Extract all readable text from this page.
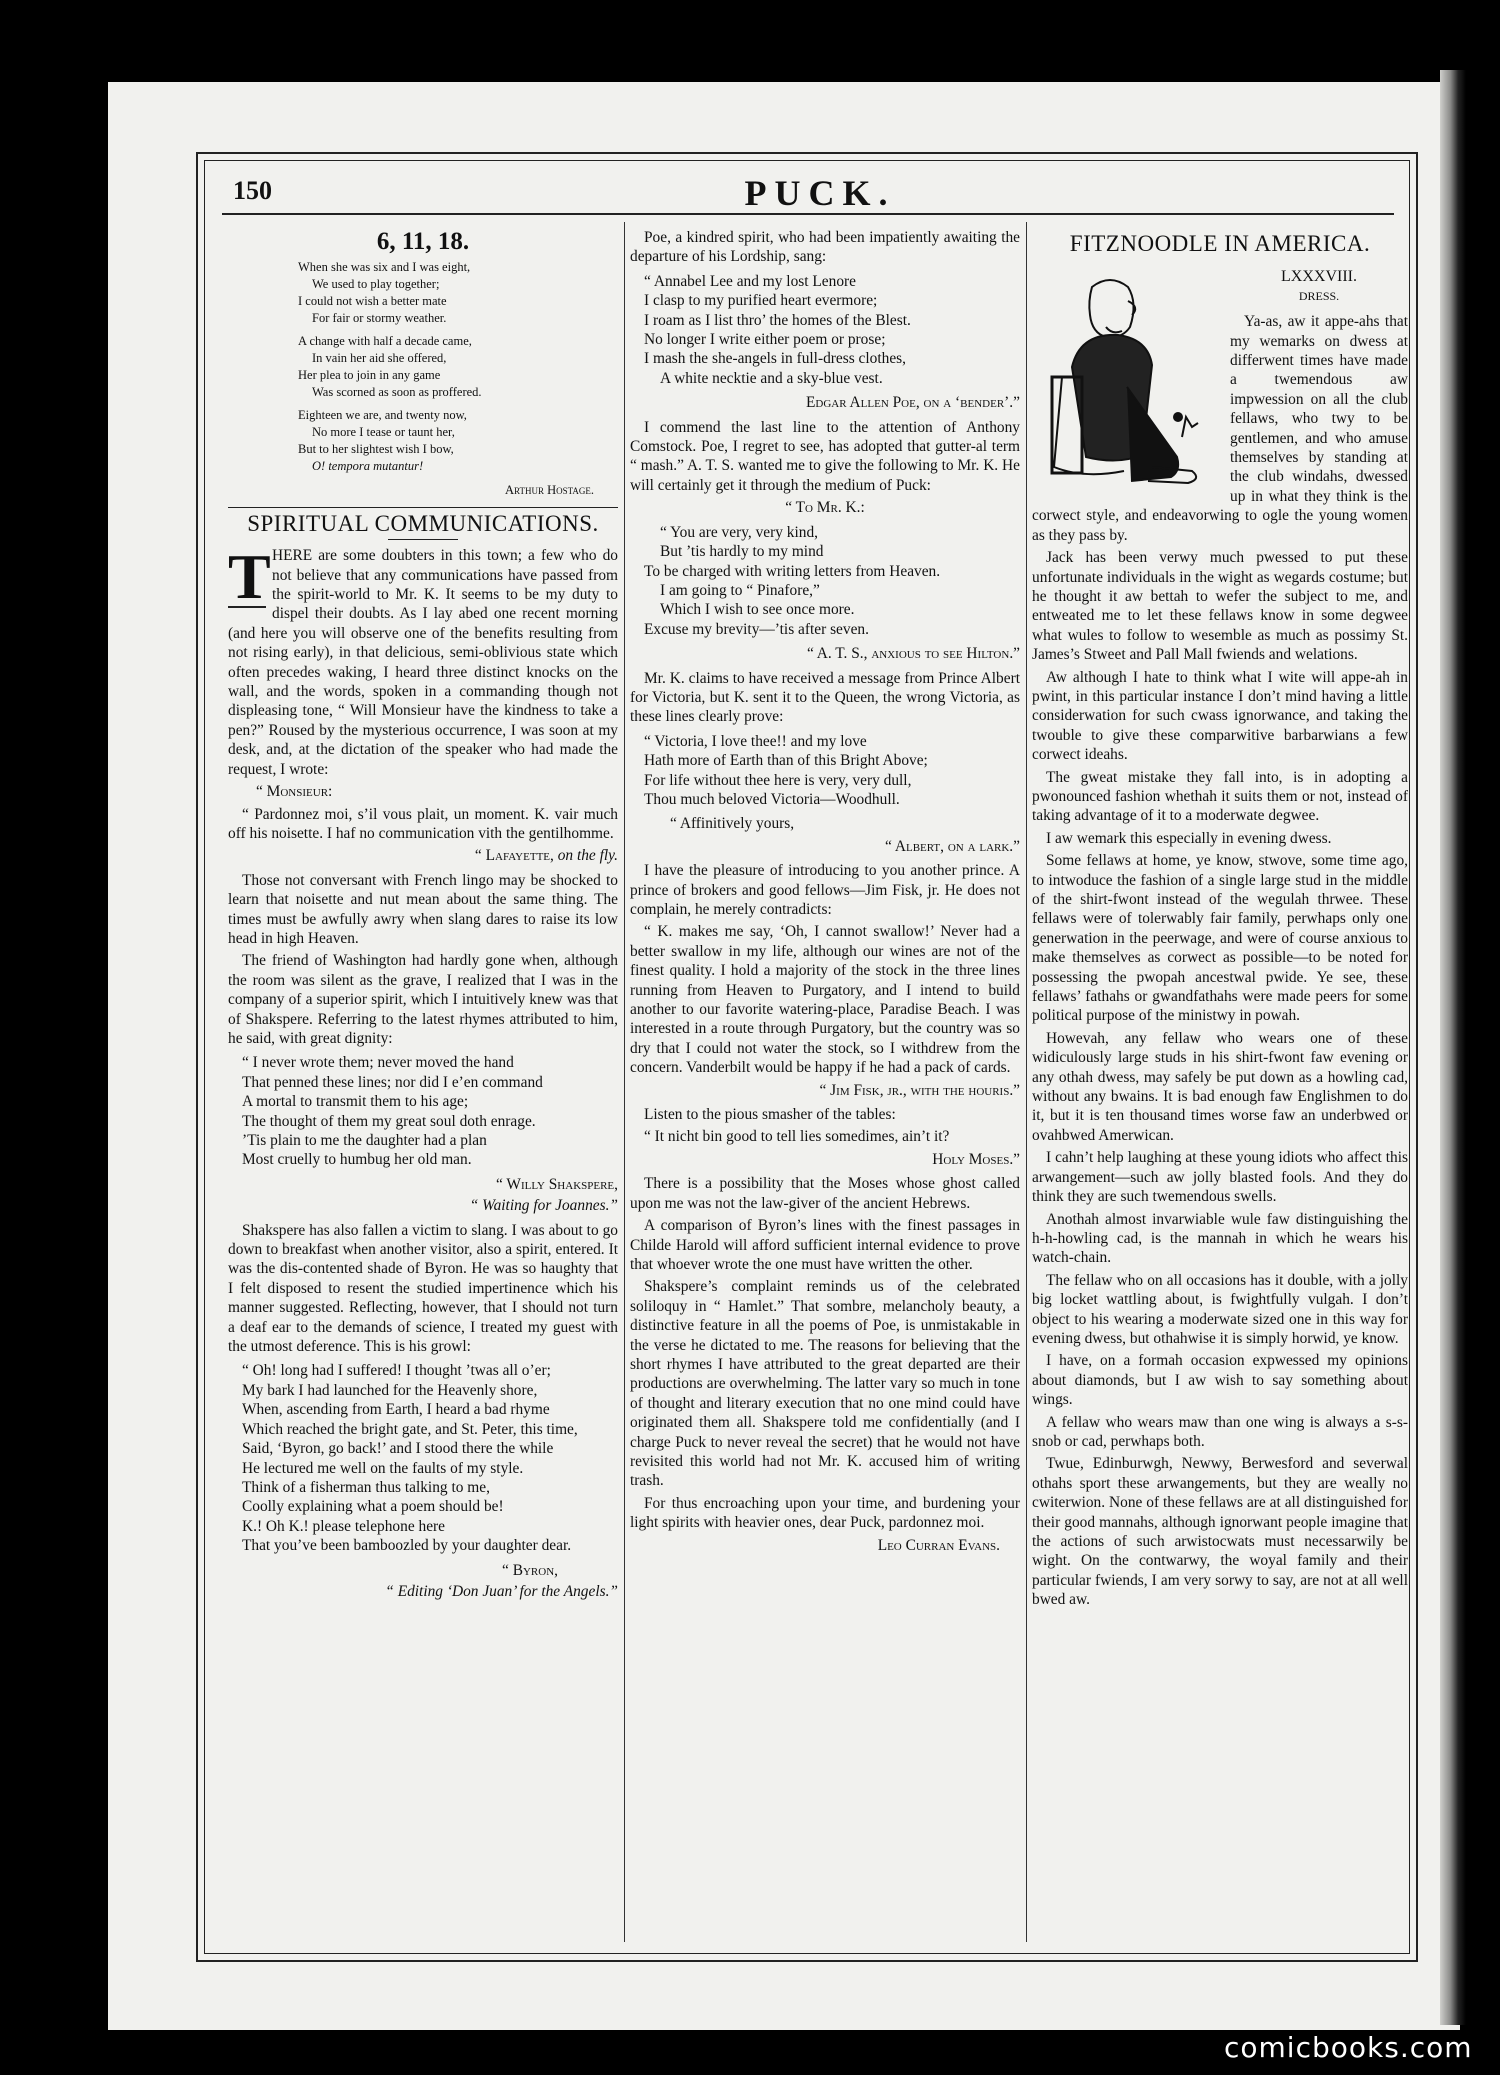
150	PUCK.
6, 11, 18.
When she was six and I was eight,
We used to play together;
I could not wish a better mate
For fair or stormy weather.
A change with half a decade came,
In vain her aid she offered,
Her plea to join in any game
Was scorned as soon as proffered.
Eighteen we are, and twenty now,
No more I tease or taunt her,
But to her slightest wish I bow,
O! tempora mutantur!
Arthur Hostage.
SPIRITUAL COMMUNICATIONS.
T HERE are some doubters in this town; a few who do not believe that any communications have passed from the spirit-world to Mr. K. It seems to be my duty to dispel their doubts. As I lay abed one recent morning (and here you will observe one of the benefits resulting from not rising early), in that delicious, semi-oblivious state which often precedes waking, I heard three distinct knocks on the wall, and the words, spoken in a commanding though not displeasing tone, “ Will Monsieur have the kindness to take a pen?” Roused by the mysterious occurrence, I was soon at my desk, and, at the dictation of the speaker who had made the request, I wrote:

“ Monsieur:

“ Pardonnez moi, s’il vous plait, un moment. K. vair much off his noisette. I haf no communication vith the gentilhomme.

“ Lafayette, on the fly.

Those not conversant with French lingo may be shocked to learn that noisette and nut mean about the same thing. The times must be awfully awry when slang dares to raise its low head in high Heaven.

The friend of Washington had hardly gone when, although the room was silent as the grave, I realized that I was in the company of a superior spirit, which I intuitively knew was that of Shakspere. Referring to the latest rhymes attributed to him, he said, with great dignity:

“ I never wrote them; never moved the hand
That penned these lines; nor did I e’en command
A mortal to transmit them to his age;
The thought of them my great soul doth enrage.
’Tis plain to me the daughter had a plan
Most cruelly to humbug her old man.
“ Willy Shakspere,
“ Waiting for Joannes.”

Shakspere has also fallen a victim to slang. I was about to go down to breakfast when another visitor, also a spirit, entered. It was the dis-contented shade of Byron. He was so haughty that I felt disposed to resent the studied impertinence which his manner suggested. Reflecting, however, that I should not turn a deaf ear to the demands of science, I treated my guest with the utmost deference. This is his growl:

“ Oh! long had I suffered! I thought ’twas all o’er;
My bark I had launched for the Heavenly shore,
When, ascending from Earth, I heard a bad rhyme
Which reached the bright gate, and St. Peter, this time,
Said, ‘Byron, go back!’ and I stood there the while
He lectured me well on the faults of my style.
Think of a fisherman thus talking to me,
Coolly explaining what a poem should be!
K.! Oh K.! please telephone here
That you’ve been bamboozled by your daughter dear.
“ Byron,
“ Editing ‘Don Juan’ for the Angels.”

Poe, a kindred spirit, who had been impatiently awaiting the departure of his Lordship, sang:

“ Annabel Lee and my lost Lenore
I clasp to my purified heart evermore;
I roam as I list thro’ the homes of the Blest.
No longer I write either poem or prose;
I mash the she-angels in full-dress clothes,
A white necktie and a sky-blue vest.
Edgar Allen Poe, on a ‘bender’.”

I commend the last line to the attention of Anthony Comstock. Poe, I regret to see, has adopted that gutter-al term “ mash.” A. T. S. wanted me to give the following to Mr. K. He will certainly get it through the medium of Puck:

“ To Mr. K.:
“ You are very, very kind,
But ’tis hardly to my mind
To be charged with writing letters from Heaven.
I am going to “ Pinafore,”
Which I wish to see once more.
Excuse my brevity—’tis after seven.
“ A. T. S., anxious to see Hilton.”

Mr. K. claims to have received a message from Prince Albert for Victoria, but K. sent it to the Queen, the wrong Victoria, as these lines clearly prove:

“ Victoria, I love thee!! and my love
Hath more of Earth than of this Bright Above;
For life without thee here is very, very dull,
Thou much beloved Victoria—Woodhull.

“ Affinitively yours,

“ Albert, on a lark.”

I have the pleasure of introducing to you another prince. A prince of brokers and good fellows—Jim Fisk, jr. He does not complain, he merely contradicts:

“ K. makes me say, ‘Oh, I cannot swallow!’ Never had a better swallow in my life, although our wines are not of the finest quality. I hold a majority of the stock in the three lines running from Heaven to Purgatory, and I intend to build another to our favorite watering-place, Paradise Beach. I was interested in a route through Purgatory, but the country was so dry that I could not water the stock, so I withdrew from the concern. Vanderbilt would be happy if he had a pack of cards.

“ Jim Fisk, jr., with the houris.”

Listen to the pious smasher of the tables:

“ It nicht bin good to tell lies somedimes, ain’t it?

Holy Moses.”

There is a possibility that the Moses whose ghost called upon me was not the law-giver of the ancient Hebrews.

A comparison of Byron’s lines with the finest passages in Childe Harold will afford sufficient internal evidence to prove that whoever wrote the one must have written the other.

Shakspere’s complaint reminds us of the celebrated soliloquy in “ Hamlet.” That sombre, melancholy beauty, a distinctive feature in all the poems of Poe, is unmistakable in the verse he dictated to me. The reasons for believing that the short rhymes I have attributed to the great departed are their productions are overwhelming. The latter vary so much in tone of thought and literary execution that no one mind could have originated them all. Shakspere told me confidentially (and I charge Puck to never reveal the secret) that he would not have revisited this world had not Mr. K. accused him of writing trash.

For thus encroaching upon your time, and burdening your light spirits with heavier ones, dear Puck, pardonnez moi.

Leo Curran Evans.
FITZNOODLE IN AMERICA.
LXXXVIII.
DRESS.

Ya-as, aw it appe-ahs that my wemarks on dwess at differwent times have made a twemendous aw impwession on all the club fellaws, who twy to be gentlemen, and who amuse themselves by standing at the club windahs, dwessed up in what they think is the corwect style, and endeavorwing to ogle the young women as they pass by.

Jack has been verwy much pwessed to put these unfortunate individuals in the wight as wegards costume; but he thought it aw bettah to wefer the subject to me, and entweated me to let these fellaws know in some degwee what wules to follow to wesemble as much as possimy St. James’s Stweet and Pall Mall fwiends and welations.

Aw although I hate to think what I wite will appe-ah in pwint, in this particular instance I don’t mind having a little considerwation for such cwass ignorwance, and taking the twouble to give these comparwitive barbarwians a few corwect ideahs.

The gweat mistake they fall into, is in adopting a pwonounced fashion whethah it suits them or not, instead of taking advantage of it to a moderwate degwee.

I aw wemark this especially in evening dwess.

Some fellaws at home, ye know, stwove, some time ago, to intwoduce the fashion of a single large stud in the middle of the shirt-fwont instead of the wegulah thrwee. These fellaws were of tolerwably fair family, perwhaps only one generwation in the peerwage, and were of course anxious to make themselves as corwect as possible—to be noted for possessing the pwopah ancestwal pwide. Ye see, these fellaws’ fathahs or gwandfathahs were made peers for some political purpose of the ministwy in powah.

Howevah, any fellaw who wears one of these widiculously large studs in his shirt-fwont faw evening or any othah dwess, may safely be put down as a howling cad, without any bwains. It is bad enough faw Englishmen to do it, but it is ten thousand times worse faw an underbwed or ovahbwed Amerwican.

I cahn’t help laughing at these young idiots who affect this arwangement—such aw jolly blasted fools. And they do think they are such twemendous swells.

Anothah almost invarwiable wule faw distinguishing the h-h-howling cad, is the mannah in which he wears his watch-chain.

The fellaw who on all occasions has it double, with a jolly big locket wattling about, is fwightfully vulgah. I don’t object to his wearing a moderwate sized one in this way for evening dwess, but othahwise it is simply horwid, ye know.

I have, on a formah occasion expwessed my opinions about diamonds, but I aw wish to say something about wings.

A fellaw who wears maw than one wing is always a s-s-snob or cad, perwhaps both.

Twue, Edinburwgh, Newwy, Berwesford and severwal othahs sport these arwangements, but they are weally no cwiterwion. None of these fellaws are at all distinguished for their good mannahs, although ignorwant people imagine that the actions of such arwistocwats must necessarwily be wight. On the contwarwy, the woyal family and their particular fwiends, I am very sorwy to say, are not at all well bwed aw.

comicbooks.com
